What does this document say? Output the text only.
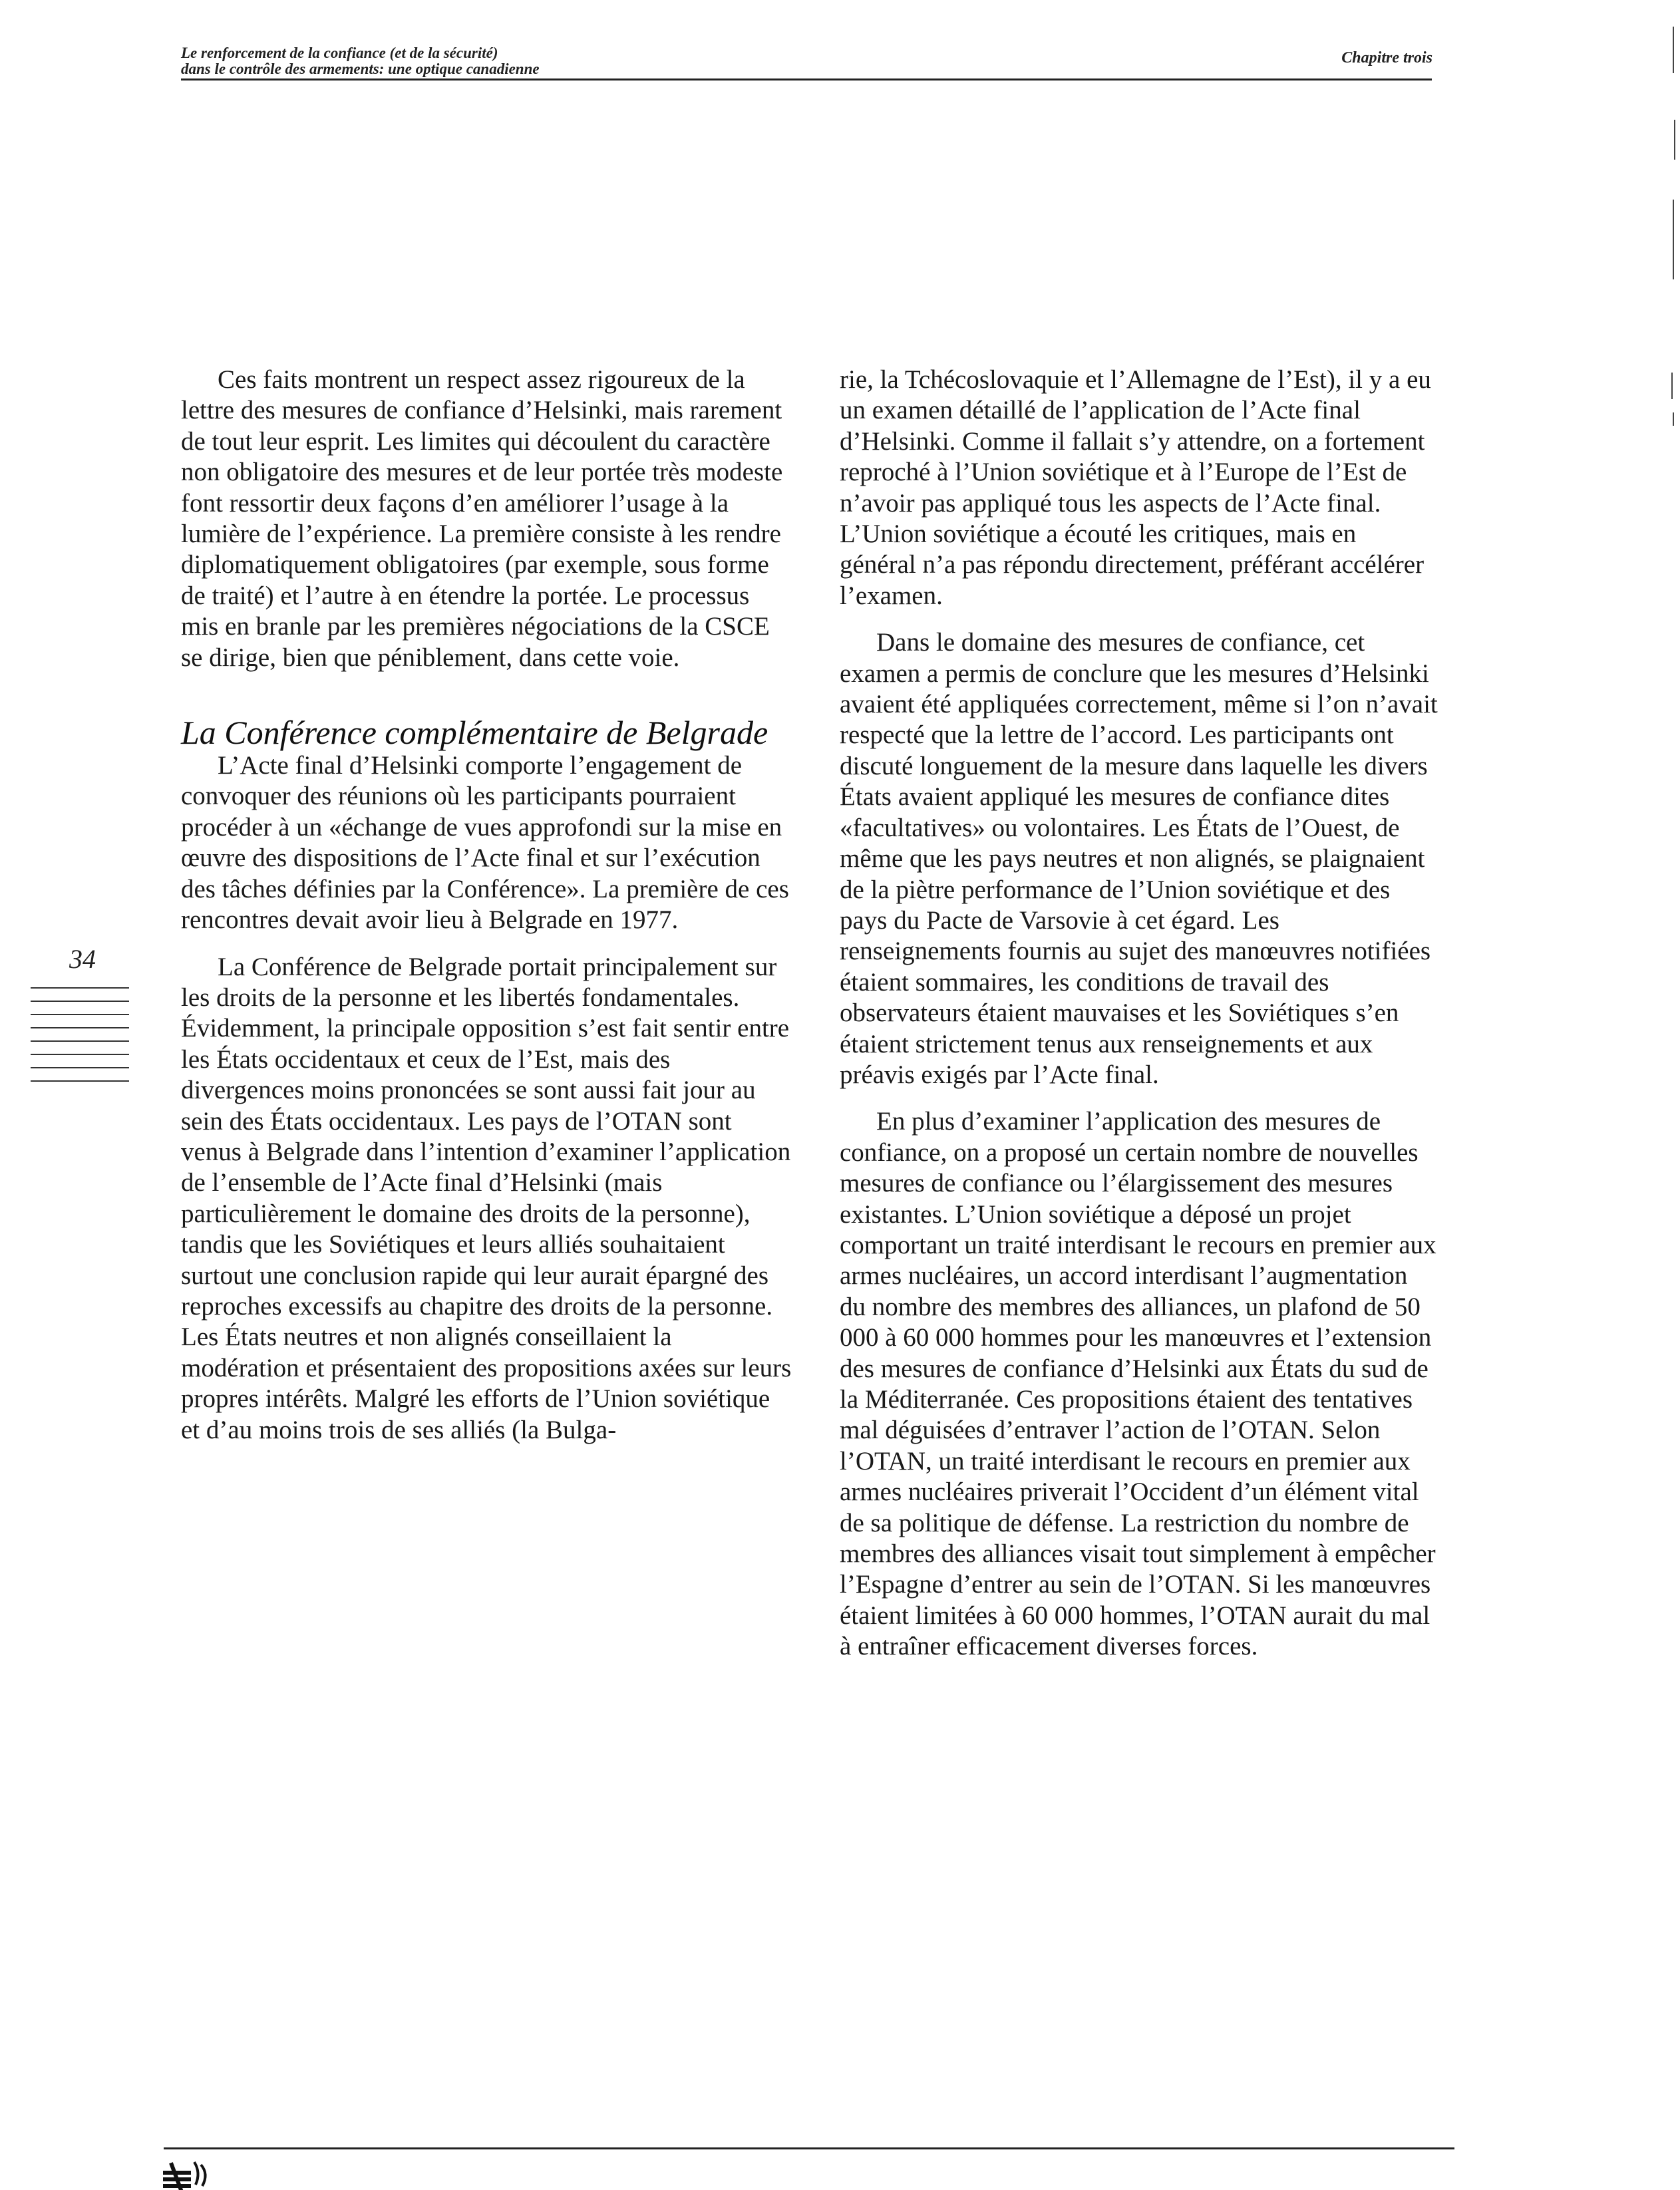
Le renforcement de la confiance (et de la sécurité)
dans le contrôle des armements: une optique canadienne
Chapitre trois

Ces faits montrent un respect assez rigoureux de la lettre des mesures de confiance d’Helsinki, mais rarement de tout leur esprit. Les limites qui découlent du caractère non obligatoire des mesures et de leur portée très modeste font ressortir deux façons d’en améliorer l’usage à la lumière de l’expérience. La première consiste à les rendre diplomatiquement obligatoires (par exemple, sous forme de traité) et l’autre à en étendre la portée. Le processus mis en branle par les premières négociations de la CSCE se dirige, bien que péniblement, dans cette voie.

La Conférence complémentaire de Belgrade

L’Acte final d’Helsinki comporte l’engagement de convoquer des réunions où les participants pourraient procéder à un «échange de vues approfondi sur la mise en œuvre des dispositions de l’Acte final et sur l’exécution des tâches définies par la Conférence». La première de ces rencontres devait avoir lieu à Belgrade en 1977.

La Conférence de Belgrade portait principalement sur les droits de la personne et les libertés fondamentales. Évidemment, la principale opposition s’est fait sentir entre les États occidentaux et ceux de l’Est, mais des divergences moins prononcées se sont aussi fait jour au sein des États occidentaux. Les pays de l’OTAN sont venus à Belgrade dans l’intention d’examiner l’application de l’ensemble de l’Acte final d’Helsinki (mais particulièrement le domaine des droits de la personne), tandis que les Soviétiques et leurs alliés souhaitaient surtout une conclusion rapide qui leur aurait épargné des reproches excessifs au chapitre des droits de la personne. Les États neutres et non alignés conseillaient la modération et présentaient des propositions axées sur leurs propres intérêts. Malgré les efforts de l’Union soviétique et d’au moins trois de ses alliés (la Bulga-

rie, la Tchécoslovaquie et l’Allemagne de l’Est), il y a eu un examen détaillé de l’application de l’Acte final d’Helsinki. Comme il fallait s’y attendre, on a fortement reproché à l’Union soviétique et à l’Europe de l’Est de n’avoir pas appliqué tous les aspects de l’Acte final. L’Union soviétique a écouté les critiques, mais en général n’a pas répondu directement, préférant accélérer l’examen.

Dans le domaine des mesures de confiance, cet examen a permis de conclure que les mesures d’Helsinki avaient été appliquées correctement, même si l’on n’avait respecté que la lettre de l’accord. Les participants ont discuté longuement de la mesure dans laquelle les divers États avaient appliqué les mesures de confiance dites «facultatives» ou volontaires. Les États de l’Ouest, de même que les pays neutres et non alignés, se plaignaient de la piètre performance de l’Union soviétique et des pays du Pacte de Varsovie à cet égard. Les renseignements fournis au sujet des manœuvres notifiées étaient sommaires, les conditions de travail des observateurs étaient mauvaises et les Soviétiques s’en étaient strictement tenus aux renseignements et aux préavis exigés par l’Acte final.

En plus d’examiner l’application des mesures de confiance, on a proposé un certain nombre de nouvelles mesures de confiance ou l’élargissement des mesures existantes. L’Union soviétique a déposé un projet comportant un traité interdisant le recours en premier aux armes nucléaires, un accord interdisant l’augmentation du nombre des membres des alliances, un plafond de 50 000 à 60 000 hommes pour les manœuvres et l’extension des mesures de confiance d’Helsinki aux États du sud de la Méditerranée. Ces propositions étaient des tentatives mal déguisées d’entraver l’action de l’OTAN. Selon l’OTAN, un traité interdisant le recours en premier aux armes nucléaires priverait l’Occident d’un élément vital de sa politique de défense. La restriction du nombre de membres des alliances visait tout simplement à empêcher l’Espagne d’entrer au sein de l’OTAN. Si les manœuvres étaient limitées à 60 000 hommes, l’OTAN aurait du mal à entraîner efficacement diverses forces.

34
